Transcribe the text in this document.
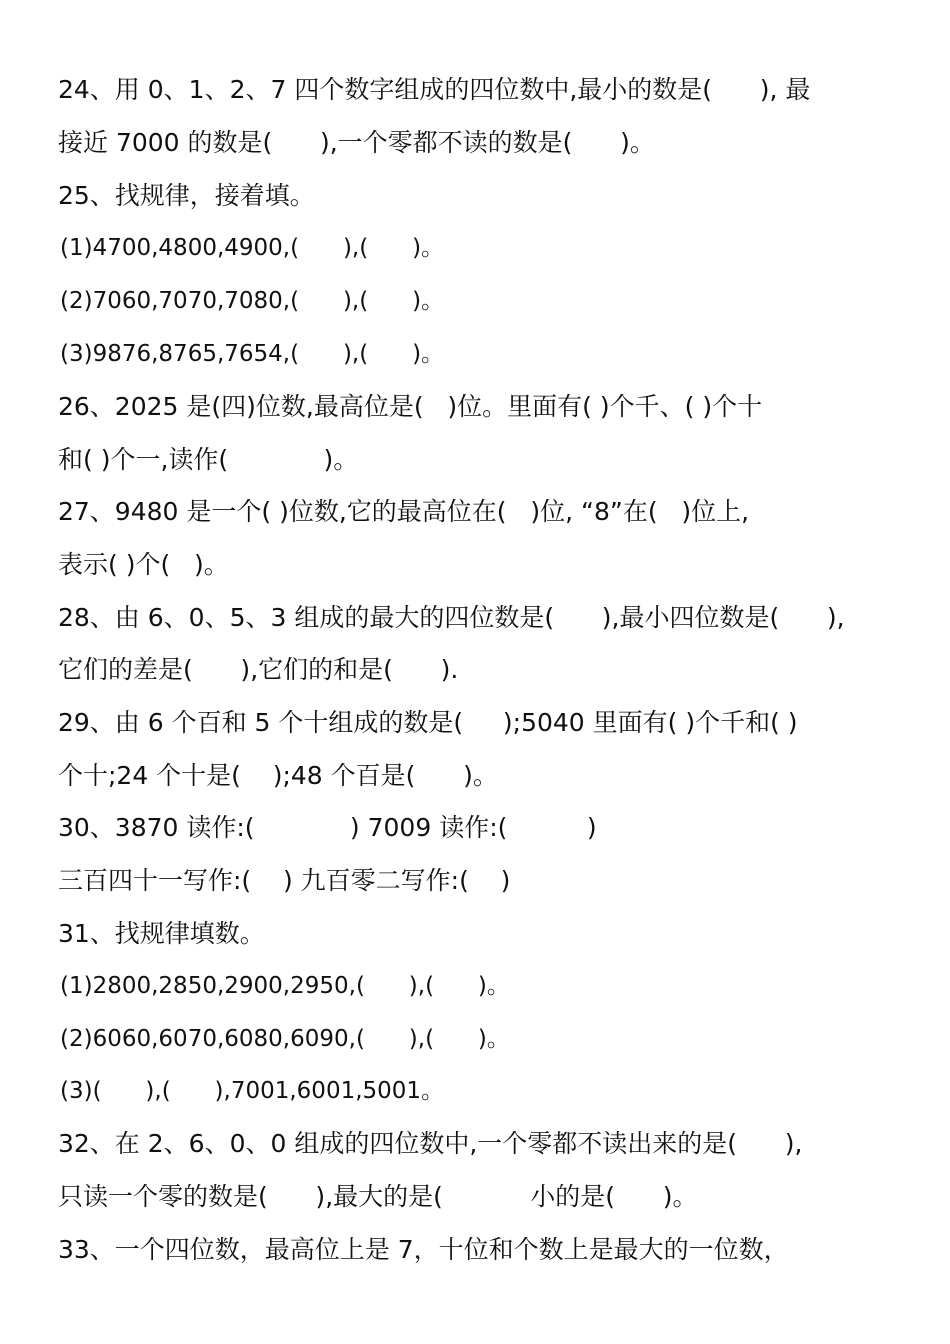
24、用 0、1、2、7 四个数字组成的四位数中,最小的数是(      ), 最
接近 7000 的数是(      ),一个零都不读的数是(      )。
25、找规律，接着填。
(1)4700,4800,4900,(      ),(      )。
(2)7060,7070,7080,(      ),(      )。
(3)9876,8765,7654,(      ),(      )。
26、2025 是(四)位数,最高位是(   )位。里面有( )个千、( )个十
和( )个一,读作(            )。
27、9480 是一个( )位数,它的最高位在(   )位, “8”在(   )位上,
表示( )个(   )。
28、由 6、0、5、3 组成的最大的四位数是(      ),最小四位数是(      ),
它们的差是(      ),它们的和是(      ).
29、由 6 个百和 5 个十组成的数是(     );5040 里面有( )个千和( )
个十;24 个十是(    );48 个百是(      )。
30、3870 读作:(            ) 7009 读作:(          )
三百四十一写作:(    ) 九百零二写作:(    )
31、找规律填数。
(1)2800,2850,2900,2950,(      ),(      )。
(2)6060,6070,6080,6090,(      ),(      )。
(3)(      ),(      ),7001,6001,5001。
32、在 2、6、0、0 组成的四位数中,一个零都不读出来的是(      ),
只读一个零的数是(      ),最大的是(           小的是(      )。
33、一个四位数，最高位上是 7，十位和个数上是最大的一位数，
